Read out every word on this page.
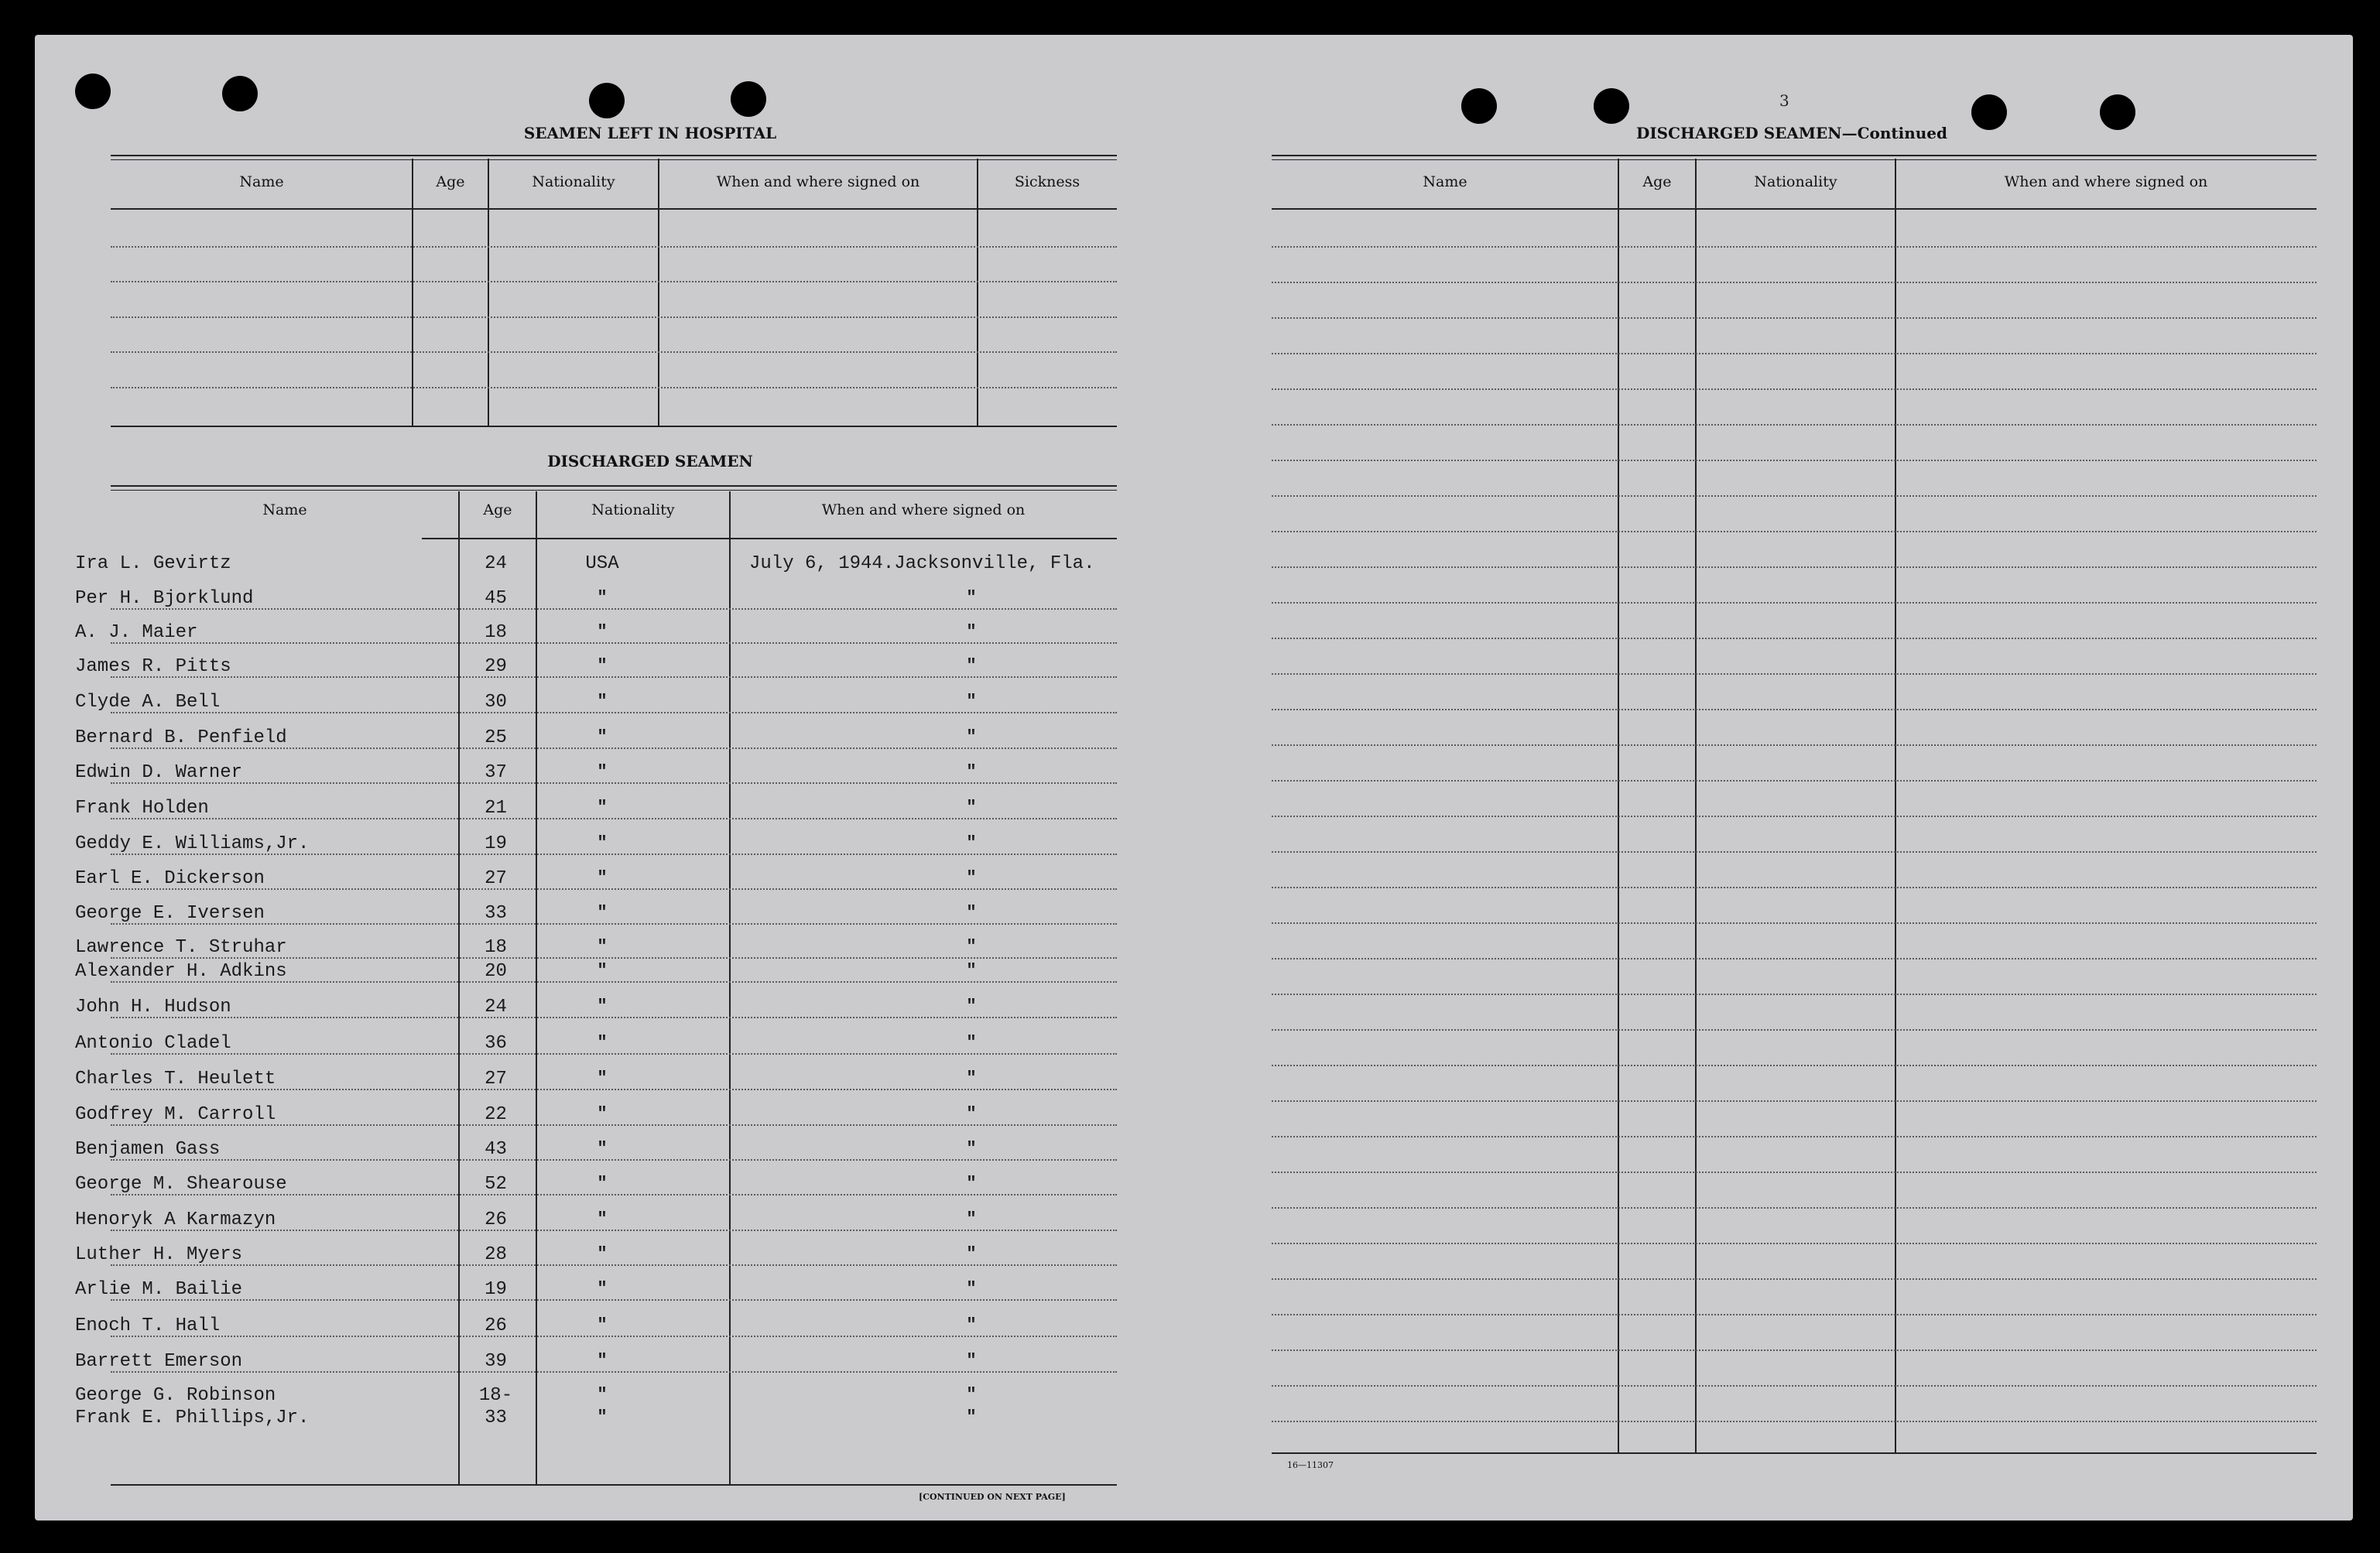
SEAMEN LEFT IN HOSPITAL
Name	Age	Nationality	When and where signed on	Sickness
DISCHARGED SEAMEN
Name	Age	Nationality	When and where signed on
Ira L. Gevirtz	24	USA	July 6, 1944.Jacksonville, Fla.
Per H. Bjorklund	45	"	"
A. J. Maier	18	"	"
James R. Pitts	29	"	"
Clyde A. Bell	30	"	"
Bernard B. Penfield	25	"	"
Edwin D. Warner	37	"	"
Frank Holden	21	"	"
Geddy E. Williams,Jr.	19	"	"
Earl E. Dickerson	27	"	"
George E. Iversen	33	"	"
Lawrence T. Struhar	18	"	"
Alexander H. Adkins	20	"	"
John H. Hudson	24	"	"
Antonio Cladel	36	"	"
Charles T. Heulett	27	"	"
Godfrey M. Carroll	22	"	"
Benjamen Gass	43	"	"
George M. Shearouse	52	"	"
Henoryk A Karmazyn	26	"	"
Luther H. Myers	28	"	"
Arlie M. Bailie	19	"	"
Enoch T. Hall	26	"	"
Barrett Emerson	39	"	"
George G. Robinson	18-	"	"
Frank E. Phillips,Jr.	33	"	"
[CONTINUED ON NEXT PAGE]
3
DISCHARGED SEAMEN—Continued
Name	Age	Nationality	When and where signed on
16—11307
